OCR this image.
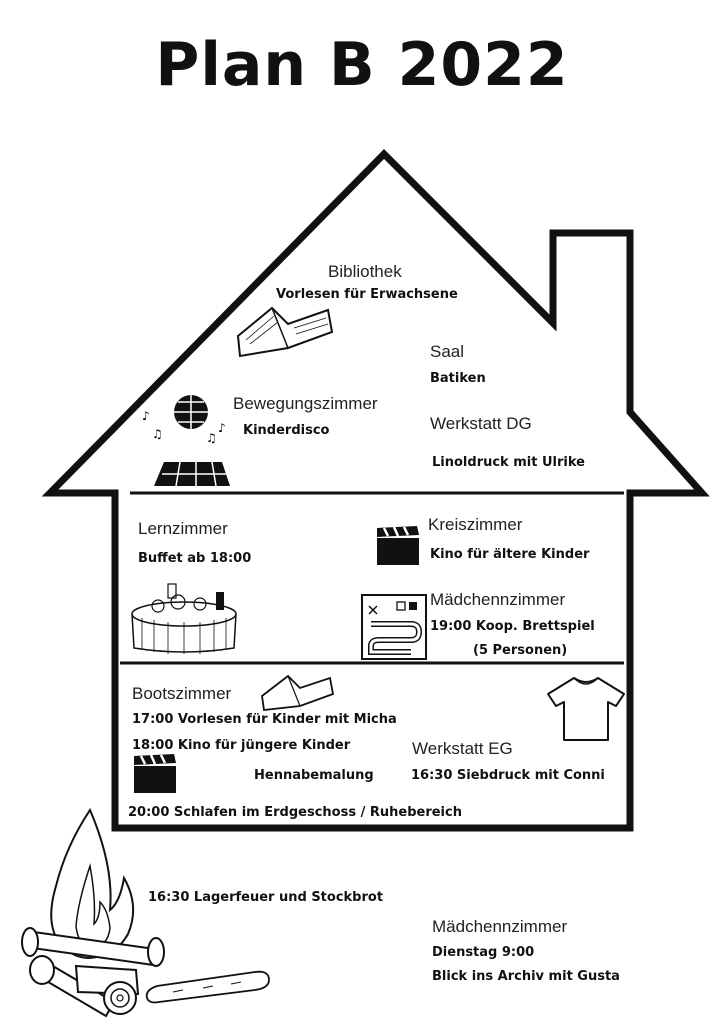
Plan B 2022
Bibliothek
Vorlesen für Erwachsene
Saal
Batiken
♪
♫	♪
♫
Bewegungszimmer
Kinderdisco	Werkstatt DG
Linoldruck mit Ulrike
Lernzimmer
Buffet ab 18:00
Kreiszimmer
Kino für ältere Kinder
Mädchennzimmer
19:00 Koop. Brettspiel
(5 Personen)
Bootszimmer
17:00 Vorlesen für Kinder mit Micha
18:00 Kino für jüngere Kinder	Werkstatt EG
Hennabemalung	16:30 Siebdruck mit Conni
20:00 Schlafen im Erdgeschoss / Ruhebereich
16:30 Lagerfeuer und Stockbrot
Mädchennzimmer
Dienstag 9:00
Blick ins Archiv mit Gusta
